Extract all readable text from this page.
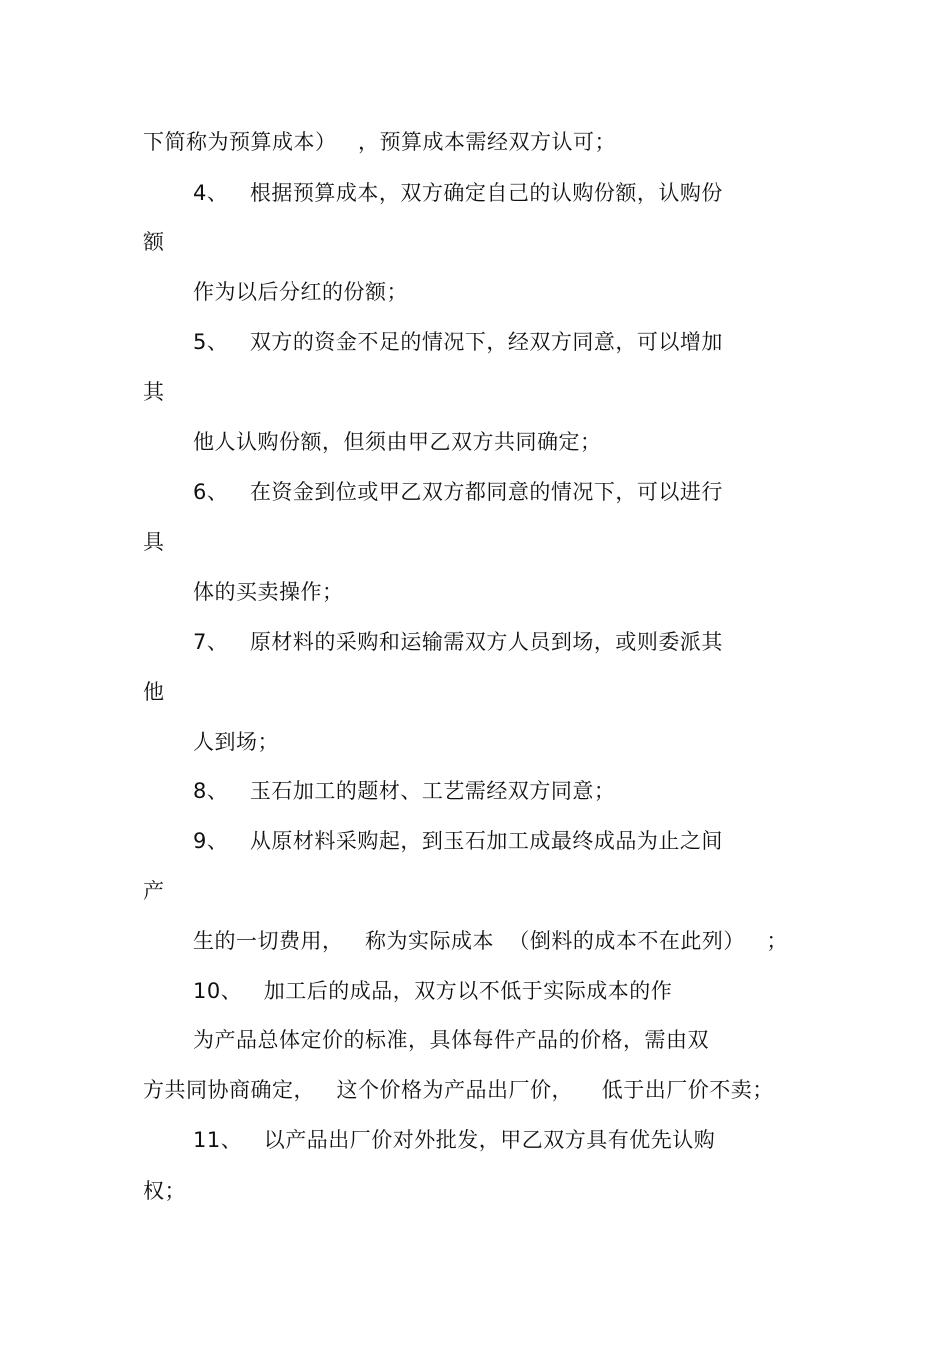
下简称为预算成本）   ，预算成本需经双方认可；
4、   根据预算成本，双方确定自己的认购份额，认购份
额
作为以后分红的份额；
5、   双方的资金不足的情况下，经双方同意，可以增加
其
他人认购份额，但须由甲乙双方共同确定；
6、   在资金到位或甲乙双方都同意的情况下，可以进行
具
体的买卖操作；
7、   原材料的采购和运输需双方人员到场，或则委派其
他
人到场；
8、   玉石加工的题材、工艺需经双方同意；
9、   从原材料采购起，到玉石加工成最终成品为止之间
产
生的一切费用，   称为实际成本  （倒料的成本不在此列）   ；
10、   加工后的成品，双方以不低于实际成本的作
为产品总体定价的标准，具体每件产品的价格，需由双
方共同协商确定，   这个价格为产品出厂价，    低于出厂价不卖；
11、   以产品出厂价对外批发，甲乙双方具有优先认购
权；
